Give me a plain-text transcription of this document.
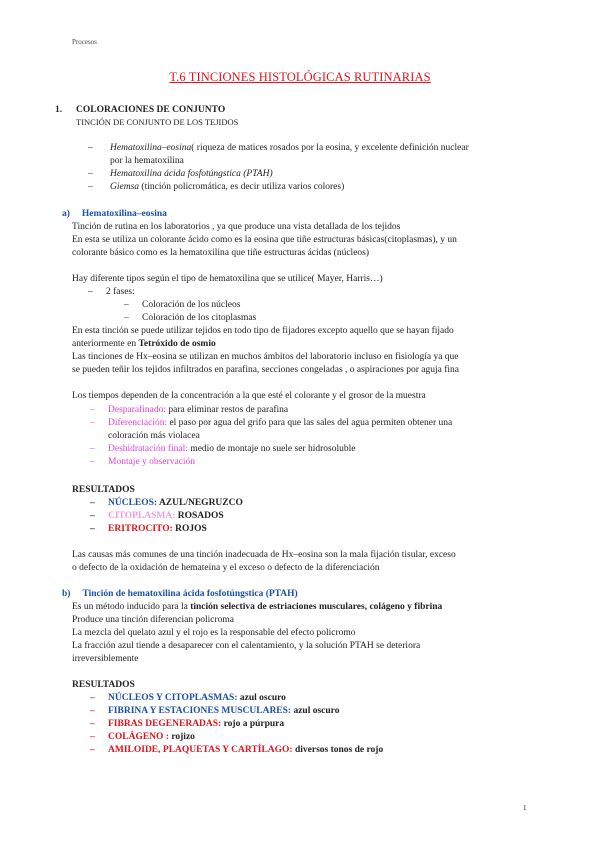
Procesos
T.6 TINCIONES HISTOLÓGICAS RUTINARIAS
1. COLORACIONES DE CONJUNTO
TINCIÓN DE CONJUNTO DE LOS TEJIDOS
– Hematoxilina–eosina( riqueza de matices rosados por la eosina, y excelente definición nuclear
por la hematoxilina
– Hematoxilina ácida fosfotúngstica (PTAH)
– Giemsa (tinción policromática, es decir utiliza varios colores)
a) Hematoxilina–eosina
Tinción de rutina en los laboratorios , ya que produce una vista detallada de los tejidos
En esta se utiliza un colorante ácido como es la eosina que tiñe estructuras básicas(citoplasmas), y un
colorante básico como es la hematoxilina que tiñe estructuras ácidas (núcleos)
Hay diferente tipos según el tipo de hematoxilina que se utilice( Mayer, Harris…)
– 2 fases:
– Coloración de los núcleos
– Coloración de los citoplasmas
En esta tinción se puede utilizar tejidos en todo tipo de fijadores excepto aquello que se hayan fijado
anteriormente en Tetróxido de osmio
Las tinciones de Hx–eosina se utilizan en muchos ámbitos del laboratorio incluso en fisiología ya que
se pueden teñir los tejidos infiltrados en parafina, secciones congeladas , o aspiraciones por aguja fina
Los tiempos dependen de la concentración a la que esté el colorante y el grosor de la muestra
– Desparafinado: para eliminar restos de parafina
– Diferenciación: el paso por agua del grifo para que las sales del agua permiten obtener una
coloración más violacea
– Deshidratación final: medio de montaje no suele ser hidrosoluble
– Montaje y observación
RESULTADOS
– NÚCLEOS: AZUL/NEGRUZCO
– CITOPLASMA: ROSADOS
– ERITROCITO: ROJOS
Las causas más comunes de una tinción inadecuada de Hx–eosina son la mala fijación tisular, exceso
o defecto de la oxidación de hemateina y el exceso o defecto de la diferenciación
b) Tinción de hematoxilina ácida fosfotúngstica (PTAH)
Es un método inducido para la tinción selectiva de estriaciones musculares, colágeno y fibrina
Produce una tinción diferencian policroma
La mezcla del quelato azul y el rojo es la responsable del efecto policromo
La fracción azul tiende a desaparecer con el calentamiento, y la solución PTAH se deteriora
irreversiblemente
RESULTADOS
– NÚCLEOS Y CITOPLASMAS: azul oscuro
– FIBRINA Y ESTACIONES MUSCULARES: azul oscuro
– FIBRAS DEGENERADAS: rojo a púrpura
– COLÁGENO : rojizo
– AMILOIDE, PLAQUETAS Y CARTÍLAGO: diversos tonos de rojo
1
